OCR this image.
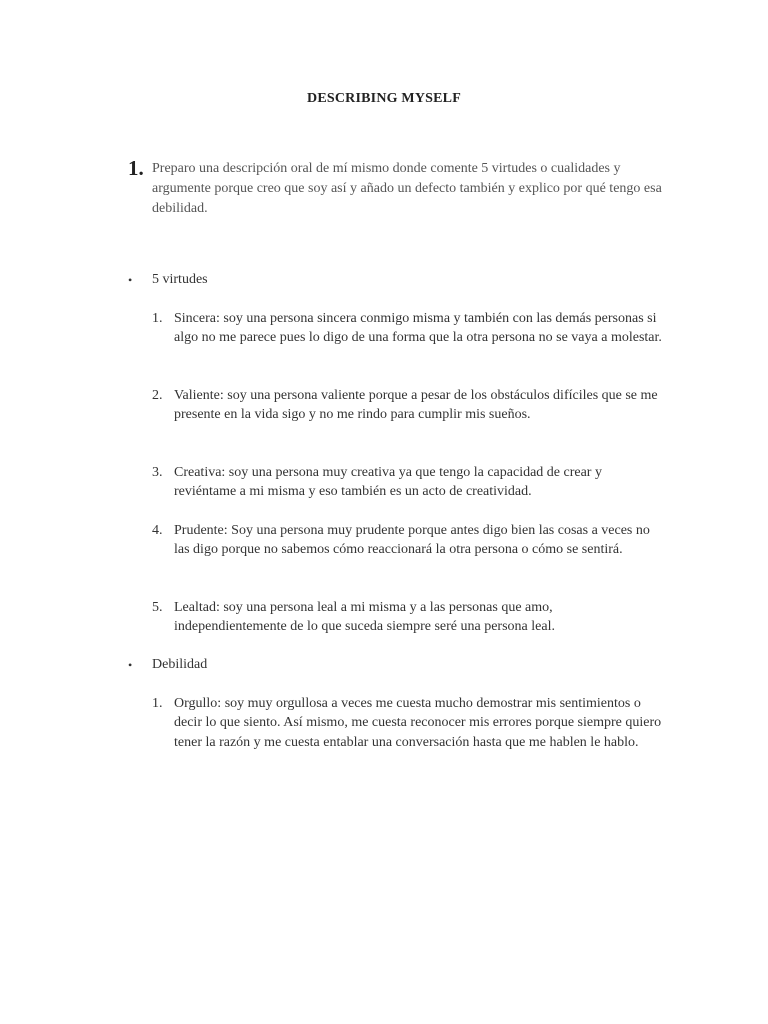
DESCRIBING MYSELF
1. Preparo una descripción oral de mí mismo donde comente 5 virtudes o cualidades y argumente porque creo que soy así y añado un defecto también y explico por qué tengo esa debilidad.
•	5 virtudes
1. Sincera: soy una persona sincera conmigo misma y también con las demás personas si algo no me parece pues lo digo de una forma que la otra persona no se vaya a molestar.
2. Valiente: soy una persona valiente porque a pesar de los obstáculos difíciles que se me presente en la vida sigo y no me rindo para cumplir mis sueños.
3. Creativa: soy una persona muy creativa ya que tengo la capacidad de crear y reviéntame a mi misma y eso también es un acto de creatividad.
4. Prudente: Soy una persona muy prudente porque antes digo bien las cosas a veces no las digo porque no sabemos cómo reaccionará la otra persona o cómo se sentirá.
5. Lealtad: soy una persona leal a mi misma y a las personas que amo, independientemente de lo que suceda siempre seré una persona leal.
•	Debilidad
1. Orgullo: soy muy orgullosa a veces me cuesta mucho demostrar mis sentimientos o decir lo que siento. Así mismo, me cuesta reconocer mis errores porque siempre quiero tener la razón y me cuesta entablar una conversación hasta que me hablen le hablo.
